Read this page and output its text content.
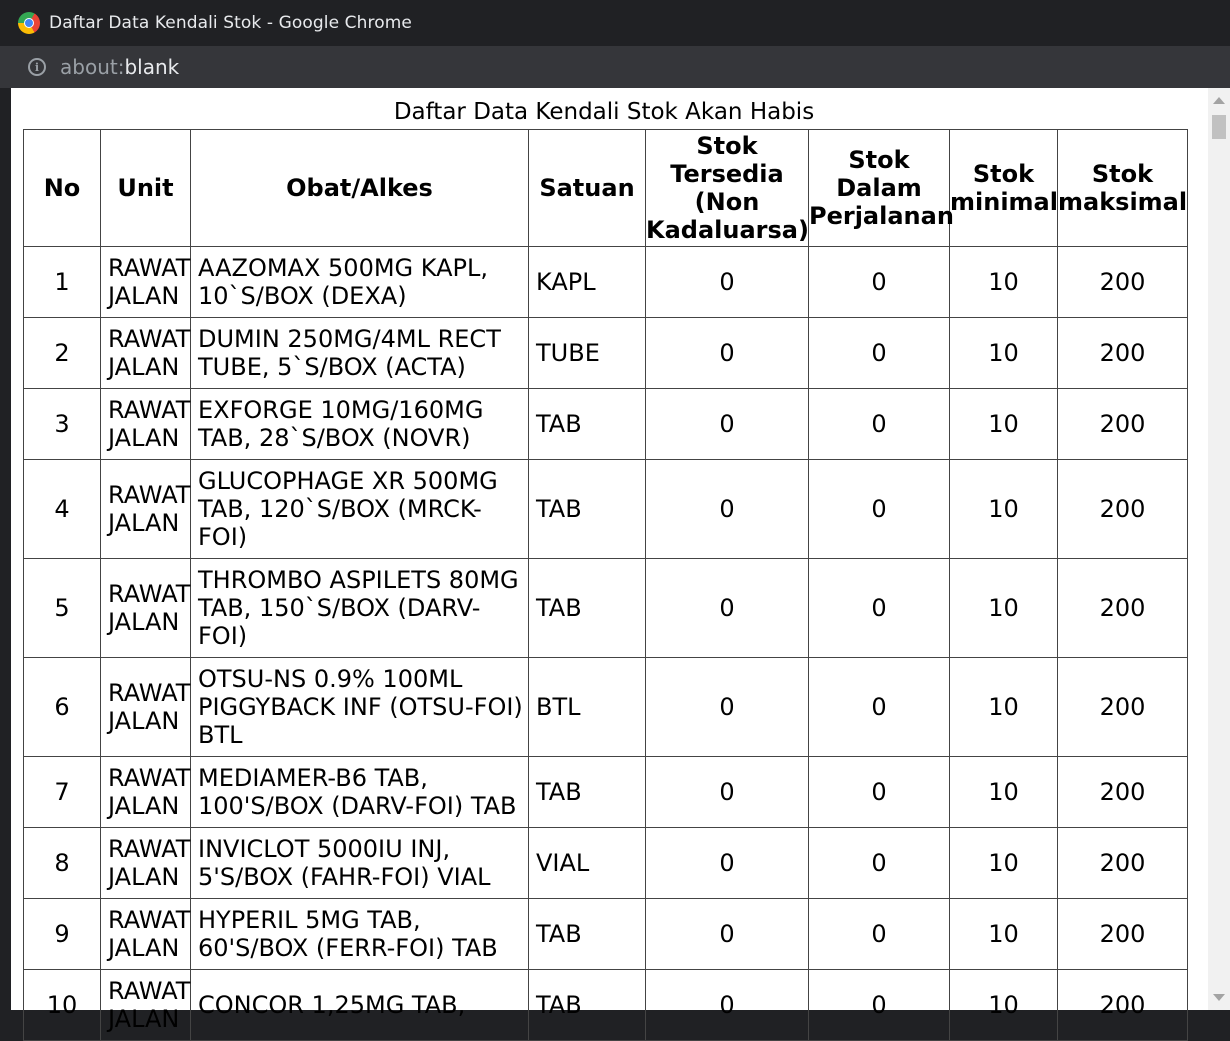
Daftar Data Kendali Stok - Google Chrome
i	about:blank
Daftar Data Kendali Stok Akan Habis
No	Unit	Obat/Alkes	Satuan	Stok Tersedia (Non Kadaluarsa)	Stok Dalam Perjalanan	Stok minimal	Stok maksimal
1	RAWAT JALAN	AAZOMAX 500MG KAPL, 10`S/BOX (DEXA)	KAPL	0	0	10	200
2	RAWAT JALAN	DUMIN 250MG/4ML RECT TUBE, 5`S/BOX (ACTA)	TUBE	0	0	10	200
3	RAWAT JALAN	EXFORGE 10MG/160MG TAB, 28`S/BOX (NOVR)	TAB	0	0	10	200
4	RAWAT JALAN	GLUCOPHAGE XR 500MG TAB, 120`S/BOX (MRCK-FOI)	TAB	0	0	10	200
5	RAWAT JALAN	THROMBO ASPILETS 80MG TAB, 150`S/BOX (DARV-FOI)	TAB	0	0	10	200
6	RAWAT JALAN	OTSU-NS 0.9% 100ML PIGGYBACK INF (OTSU-FOI) BTL	BTL	0	0	10	200
7	RAWAT JALAN	MEDIAMER-B6 TAB, 100'S/BOX (DARV-FOI) TAB	TAB	0	0	10	200
8	RAWAT JALAN	INVICLOT 5000IU INJ, 5'S/BOX (FAHR-FOI) VIAL	VIAL	0	0	10	200
9	RAWAT JALAN	HYPERIL 5MG TAB, 60'S/BOX (FERR-FOI) TAB	TAB	0	0	10	200
10	RAWAT JALAN	CONCOR 1,25MG TAB,	TAB	0	0	10	200
